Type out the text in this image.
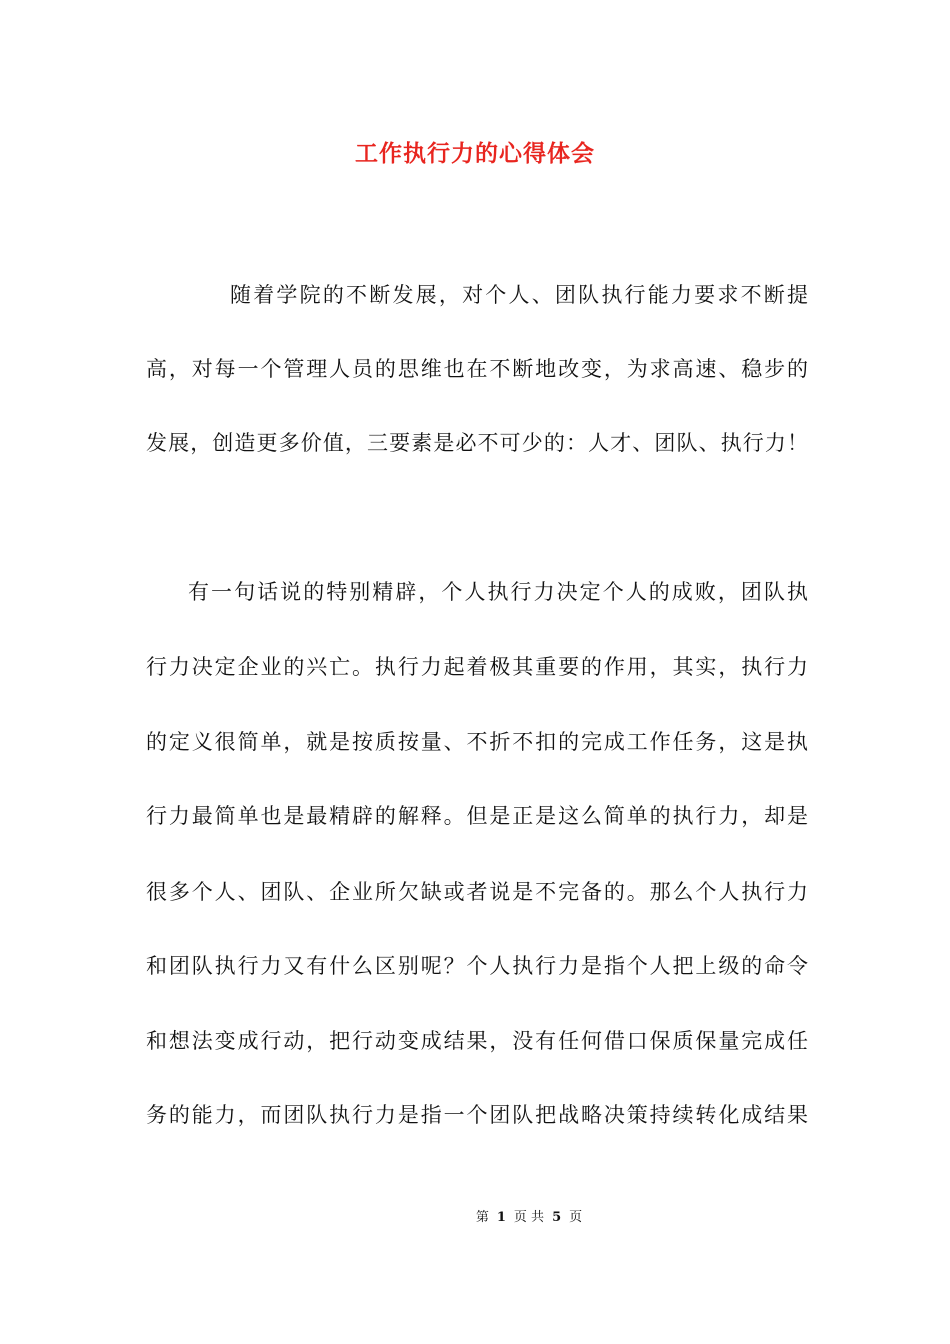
工作执行力的心得体会
随着学院的不断发展，对个人、团队执行能力要求不断提
高，对每一个管理人员的思维也在不断地改变，为求高速、稳步的
发展，创造更多价值，三要素是必不可少的：人才、团队、执行力！
有一句话说的特别精辟，个人执行力决定个人的成败，团队执
行力决定企业的兴亡。执行力起着极其重要的作用，其实，执行力
的定义很简单，就是按质按量、不折不扣的完成工作任务，这是执
行力最简单也是最精辟的解释。但是正是这么简单的执行力，却是
很多个人、团队、企业所欠缺或者说是不完备的。那么个人执行力
和团队执行力又有什么区别呢？个人执行力是指个人把上级的命令
和想法变成行动，把行动变成结果，没有任何借口保质保量完成任
务的能力，而团队执行力是指一个团队把战略决策持续转化成结果
第 1 页 共 5 页
